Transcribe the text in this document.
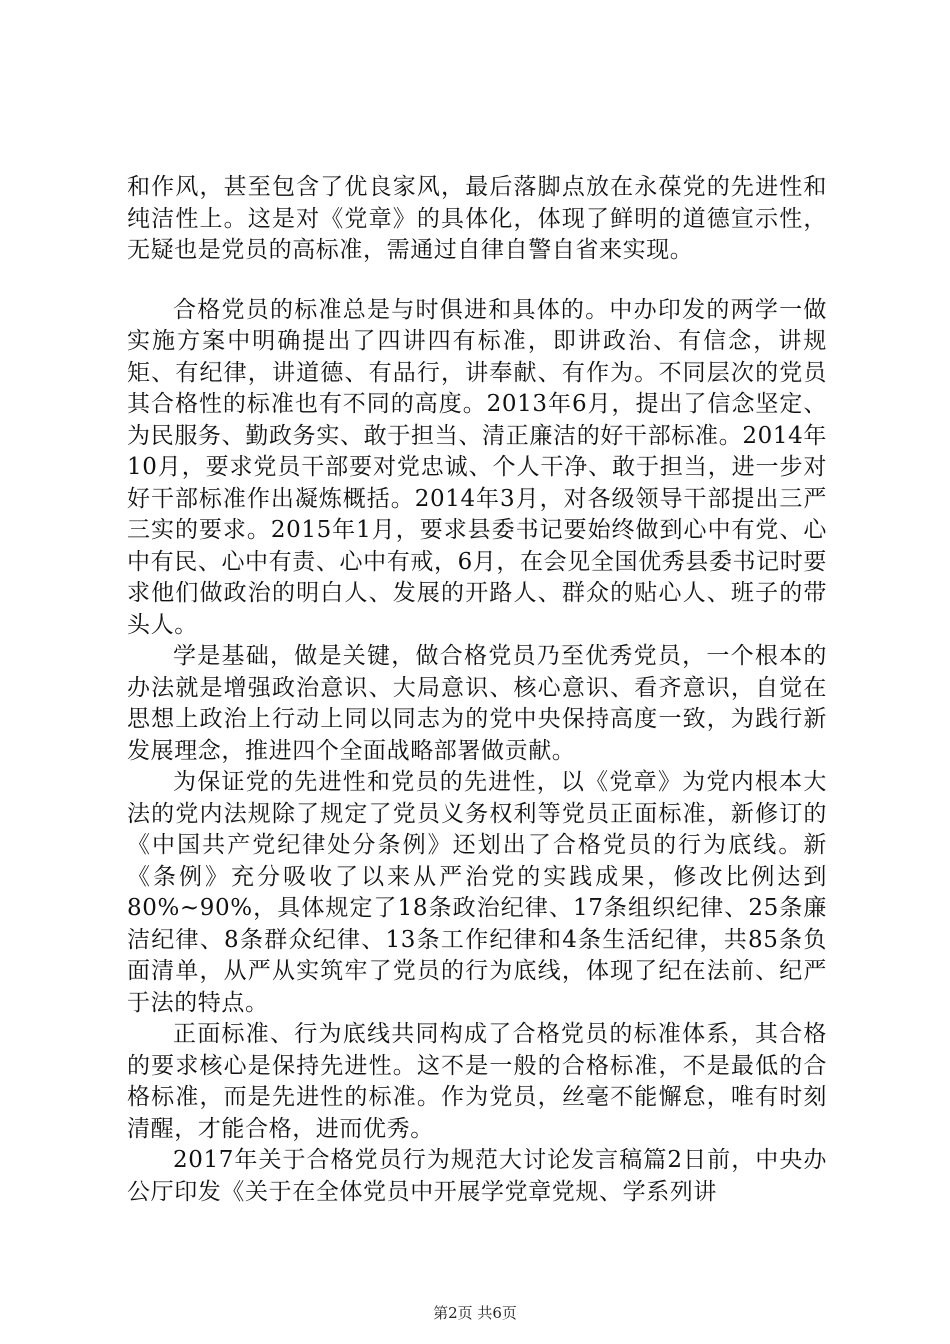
和作风，甚至包含了优良家风，最后落脚点放在永葆党的先进性和纯洁性上。这是对《党章》的具体化，体现了鲜明的道德宣示性，无疑也是党员的高标准，需通过自律自警自省来实现。

合格党员的标准总是与时俱进和具体的。中办印发的两学一做实施方案中明确提出了四讲四有标准，即讲政治、有信念，讲规矩、有纪律，讲道德、有品行，讲奉献、有作为。不同层次的党员其合格性的标准也有不同的高度。2013年6月，提出了信念坚定、为民服务、勤政务实、敢于担当、清正廉洁的好干部标准。2014年10月，要求党员干部要对党忠诚、个人干净、敢于担当，进一步对好干部标准作出凝炼概括。2014年3月，对各级领导干部提出三严三实的要求。2015年1月，要求县委书记要始终做到心中有党、心中有民、心中有责、心中有戒，6月，在会见全国优秀县委书记时要求他们做政治的明白人、发展的开路人、群众的贴心人、班子的带头人。

学是基础，做是关键，做合格党员乃至优秀党员，一个根本的办法就是增强政治意识、大局意识、核心意识、看齐意识，自觉在思想上政治上行动上同以同志为的党中央保持高度一致，为践行新发展理念，推进四个全面战略部署做贡献。

为保证党的先进性和党员的先进性，以《党章》为党内根本大法的党内法规除了规定了党员义务权利等党员正面标准，新修订的《中国共产党纪律处分条例》还划出了合格党员的行为底线。新《条例》充分吸收了以来从严治党的实践成果，修改比例达到80%~90%，具体规定了18条政治纪律、17条组织纪律、25条廉洁纪律、8条群众纪律、13条工作纪律和4条生活纪律，共85条负面清单，从严从实筑牢了党员的行为底线，体现了纪在法前、纪严于法的特点。

正面标准、行为底线共同构成了合格党员的标准体系，其合格的要求核心是保持先进性。这不是一般的合格标准，不是最低的合格标准，而是先进性的标准。作为党员，丝毫不能懈怠，唯有时刻清醒，才能合格，进而优秀。

2017年关于合格党员行为规范大讨论发言稿篇2日前，中央办公厅印发《关于在全体党员中开展学党章党规、学系列讲

第2页 共6页
